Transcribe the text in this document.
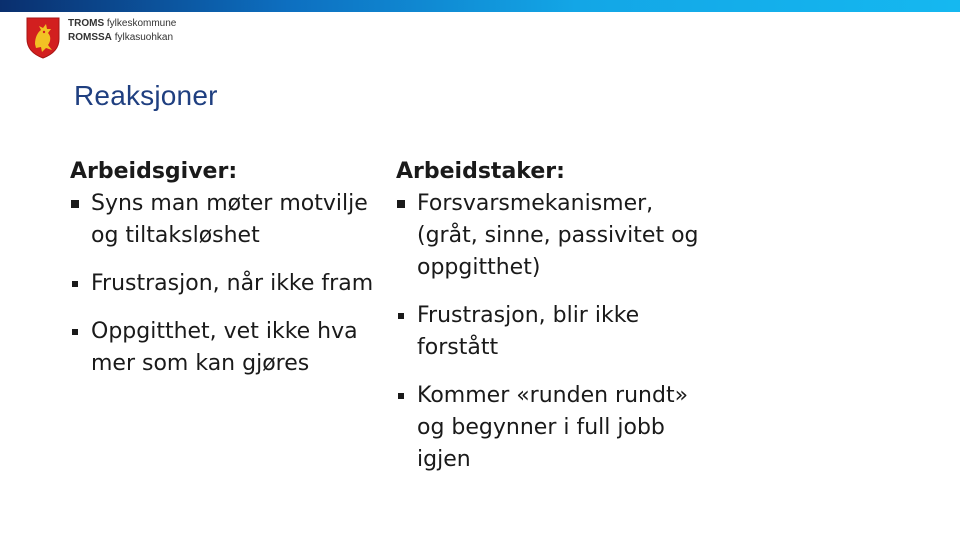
TROMS fylkeskommune
ROMSSA fylkasuohkan
Reaksjoner
Arbeidsgiver:
Syns man møter motvilje og tiltaksløshet
Frustrasjon, når ikke fram
Oppgitthet, vet ikke hva mer som kan gjøres
Arbeidstaker:
Forsvarsmekanismer, (gråt, sinne, passivitet og oppgitthet)
Frustrasjon, blir ikke forstått
Kommer «runden rundt» og begynner i full jobb igjen
